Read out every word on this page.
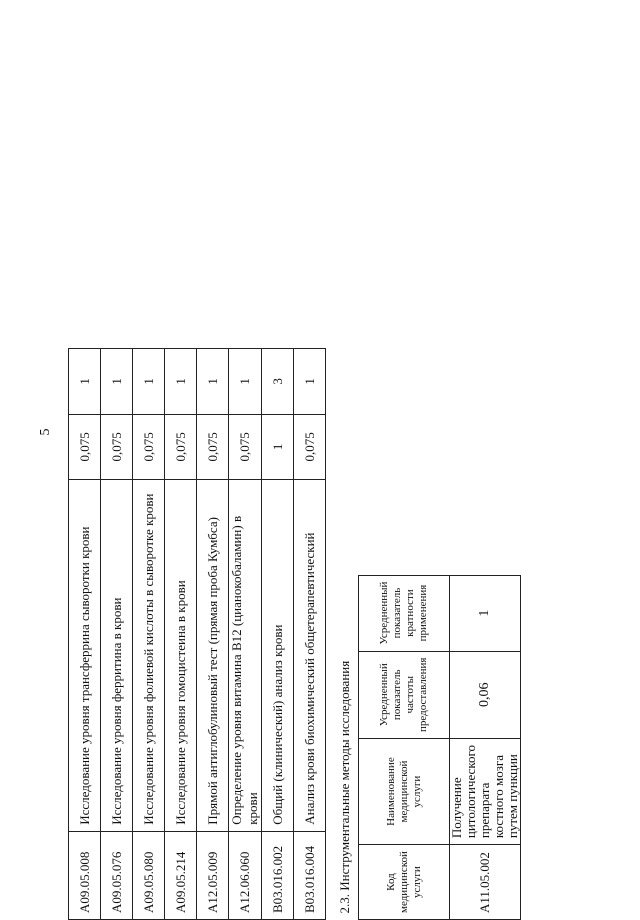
5
A09.05.008	Исследование уровня трансферрина сыворотки крови	0,075	1
A09.05.076	Исследование уровня ферритина в крови	0,075	1
A09.05.080	Исследование уровня фолиевой кислоты в сыворотке крови	0,075	1
A09.05.214	Исследование уровня гомоцистеина в крови	0,075	1
A12.05.009	Прямой антиглобулиновый тест (прямая проба Кумбса)	0,075	1
A12.06.060	Определение уровня витамина B12 (цианокобаламин) в крови	0,075	1
B03.016.002	Общий (клинический) анализ крови	1	3
B03.016.004	Анализ крови биохимический общетерапевтический	0,075	1
2.3. Инструментальные методы исследования			
Код медицинской услуги	Наименование медицинской услуги	Усредненный показатель частоты предоставления	Усредненный показатель кратности применения
A11.05.002	Получение цитологического препарата костного мозга путем пункции	0,06	1
